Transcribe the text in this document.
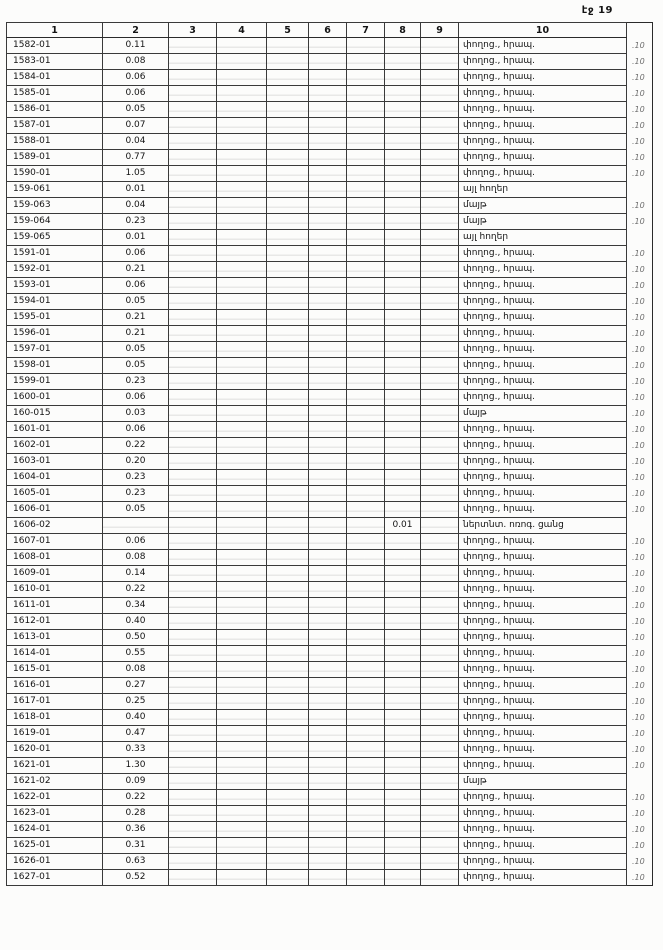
էջ 19
1	2	3	4	5	6	7	8	9	10	
1582-01	0.11								փողոց., հրապ.	.10
1583-01	0.08								փողոց., հրապ.	.10
1584-01	0.06								փողոց., հրապ.	.10
1585-01	0.06								փողոց., հրապ.	.10
1586-01	0.05								փողոց., հրապ.	.10
1587-01	0.07								փողոց., հրապ.	.10
1588-01	0.04								փողոց., հրապ.	.10
1589-01	0.77								փողոց., հրապ.	.10
1590-01	1.05								փողոց., հրապ.	.10
159-061	0.01								այլ հողեր	
159-063	0.04								մայթ	.10
159-064	0.23								մայթ	.10
159-065	0.01								այլ հողեր	
1591-01	0.06								փողոց., հրապ.	.10
1592-01	0.21								փողոց., հրապ.	.10
1593-01	0.06								փողոց., հրապ.	.10
1594-01	0.05								փողոց., հրապ.	.10
1595-01	0.21								փողոց., հրապ.	.10
1596-01	0.21								փողոց., հրապ.	.10
1597-01	0.05								փողոց., հրապ.	.10
1598-01	0.05								փողոց., հրապ.	.10
1599-01	0.23								փողոց., հրապ.	.10
1600-01	0.06								փողոց., հրապ.	.10
160-015	0.03								մայթ	.10
1601-01	0.06								փողոց., հրապ.	.10
1602-01	0.22								փողոց., հրապ.	.10
1603-01	0.20								փողոց., հրապ.	.10
1604-01	0.23								փողոց., հրապ.	.10
1605-01	0.23								փողոց., հրապ.	.10
1606-01	0.05								փողոց., հրապ.	.10
1606-02							0.01		ներտնտ. ոռոգ. ցանց	
1607-01	0.06								փողոց., հրապ.	.10
1608-01	0.08								փողոց., հրապ.	.10
1609-01	0.14								փողոց., հրապ.	.10
1610-01	0.22								փողոց., հրապ.	.10
1611-01	0.34								փողոց., հրապ.	.10
1612-01	0.40								փողոց., հրապ.	.10
1613-01	0.50								փողոց., հրապ.	.10
1614-01	0.55								փողոց., հրապ.	.10
1615-01	0.08								փողոց., հրապ.	.10
1616-01	0.27								փողոց., հրապ.	.10
1617-01	0.25								փողոց., հրապ.	.10
1618-01	0.40								փողոց., հրապ.	.10
1619-01	0.47								փողոց., հրապ.	.10
1620-01	0.33								փողոց., հրապ.	.10
1621-01	1.30								փողոց., հրապ.	.10
1621-02	0.09								մայթ	
1622-01	0.22								փողոց., հրապ.	.10
1623-01	0.28								փողոց., հրապ.	.10
1624-01	0.36								փողոց., հրապ.	.10
1625-01	0.31								փողոց., հրապ.	.10
1626-01	0.63								փողոց., հրապ.	.10
1627-01	0.52								փողոց., հրապ.	.10
